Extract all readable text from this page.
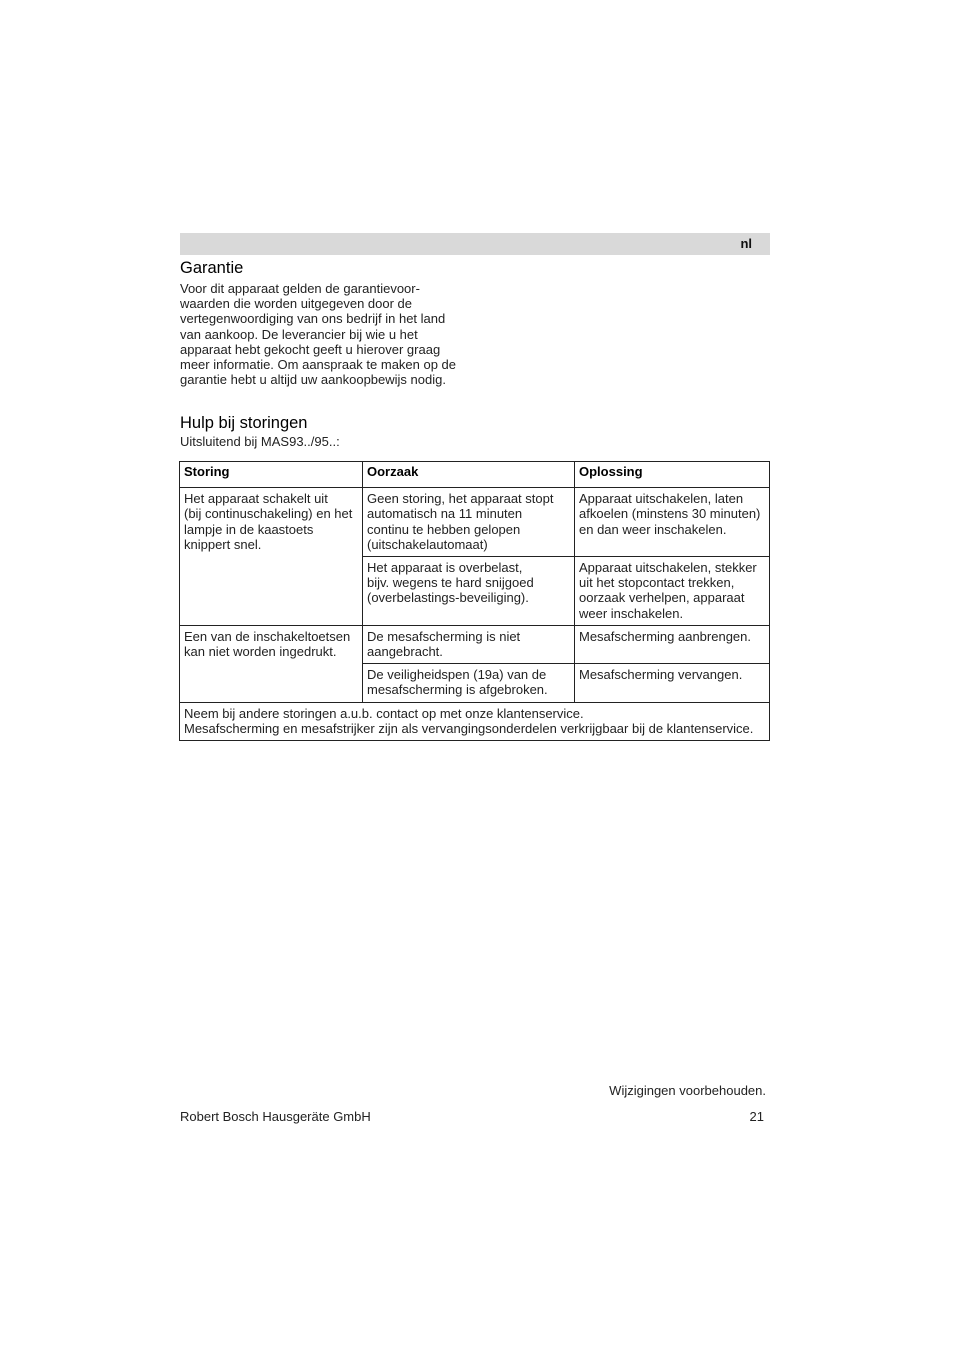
nl
Garantie

Voor dit apparaat gelden de garantievoor-
waarden die worden uitgegeven door de
vertegenwoordiging van ons bedrijf in het land
van aankoop. De leverancier bij wie u het
apparaat hebt gekocht geeft u hierover graag
meer informatie. Om aanspraak te maken op de
garantie hebt u altijd uw aankoopbewijs nodig.

Hulp bij storingen

Uitsluitend bij MAS93../95..:

Storing	Oorzaak	Oplossing
Het apparaat schakelt uit
(bij continuschakeling) en het
lampje in de kaastoets
knippert snel.	Geen storing, het apparaat stopt
automatisch na 11 minuten
continu te hebben gelopen
(uitschakelautomaat)	Apparaat uitschakelen, laten
afkoelen (minstens 30 minuten)
en dan weer inschakelen.
	Het apparaat is overbelast,
bijv. wegens te hard snijgoed
(overbelastings-beveiliging).	Apparaat uitschakelen, stekker
uit het stopcontact trekken,
oorzaak verhelpen, apparaat
weer inschakelen.
Een van de inschakeltoetsen
kan niet worden ingedrukt.	De mesafscherming is niet
aangebracht.	Mesafscherming aanbrengen.
	De veiligheidspen (19a) van de
mesafscherming is afgebroken.	Mesafscherming vervangen.
Neem bij andere storingen a.u.b. contact op met onze klantenservice.
Mesafscherming en mesafstrijker zijn als vervangingsonderdelen verkrijgbaar bij de klantenservice.		

Wijzigingen voorbehouden.

Robert Bosch Hausgeräte GmbH	21
